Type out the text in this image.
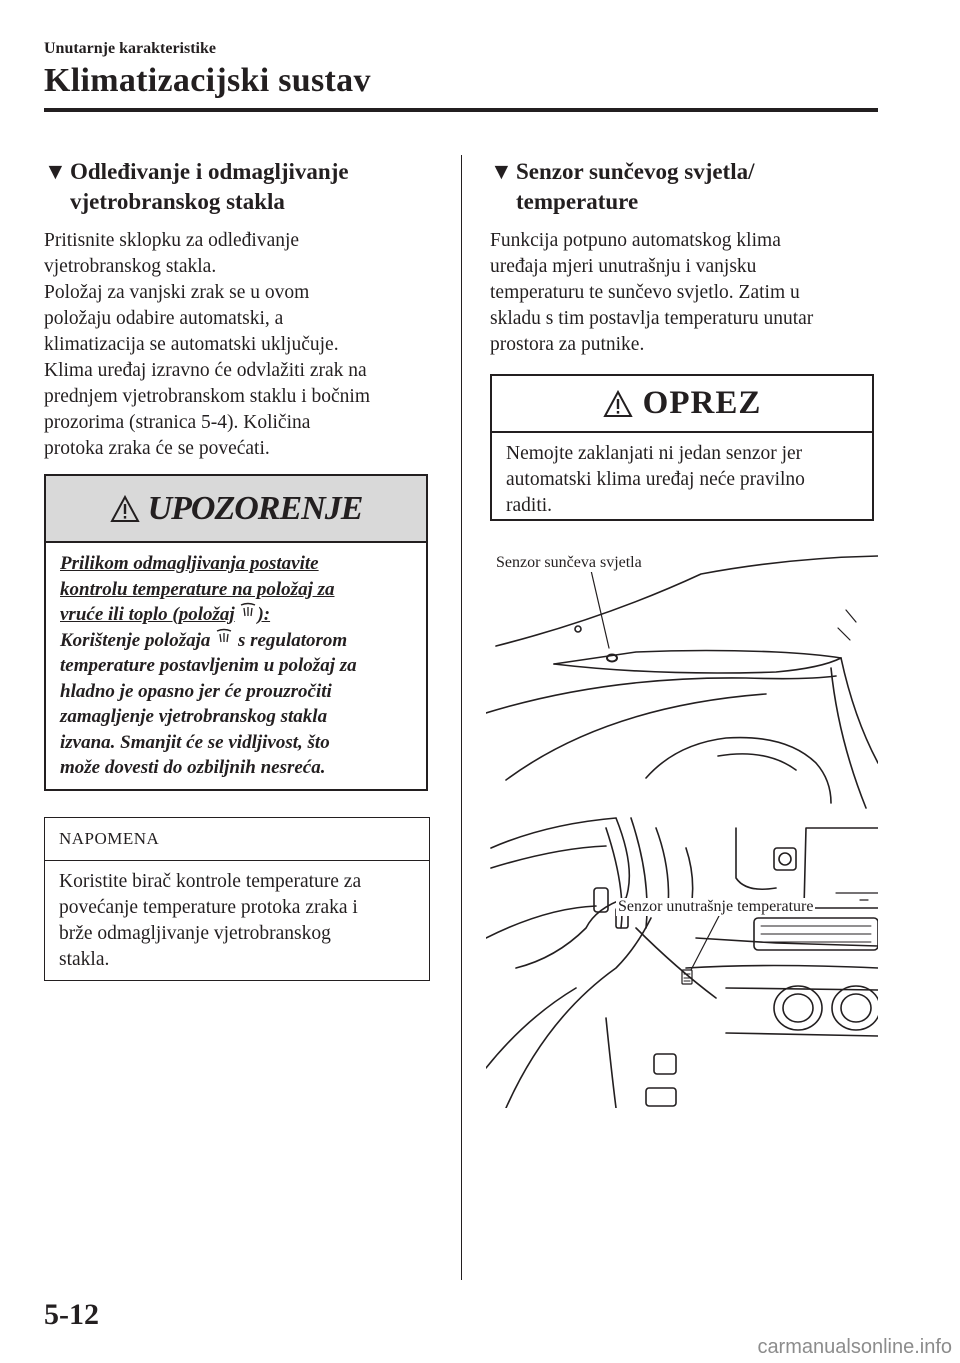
Unutarnje karakteristike
Klimatizacijski sustav
▼ Odleđivanje i odmagljivanje
vjetrobranskog stakla
Pritisnite sklopku za odleđivanje
vjetrobranskog stakla.
Položaj za vanjski zrak se u ovom
položaju odabire automatski, a
klimatizacija se automatski uključuje.
Klima uređaj izravno će odvlažiti zrak na
prednjem vjetrobranskom staklu i bočnim
prozorima (stranica 5-4). Količina
protoka zraka će se povećati.
UPOZORENJE
Prilikom odmagljivanja postavite
kontrolu temperature na položaj za
vruće ili toplo (položaj ):
Korištenje položaja s regulatorom
temperature postavljenim u položaj za
hladno je opasno jer će prouzročiti
zamagljenje vjetrobranskog stakla
izvana. Smanjit će se vidljivost, što
može dovesti do ozbiljnih nesreća.
NAPOMENA
Koristite birač kontrole temperature za
povećanje temperature protoka zraka i
brže odmagljivanje vjetrobranskog
stakla.
▼ Senzor sunčevog svjetla/
temperature
Funkcija potpuno automatskog klima
uređaja mjeri unutrašnju i vanjsku
temperaturu te sunčevo svjetlo. Zatim u
skladu s tim postavlja temperaturu unutar
prostora za putnike.
OPREZ
Nemojte zaklanjati ni jedan senzor jer
automatski klima uređaj neće pravilno
raditi.
Senzor sunčeva svjetla
Senzor unutrašnje temperature
5-12
carmanualsonline.info
